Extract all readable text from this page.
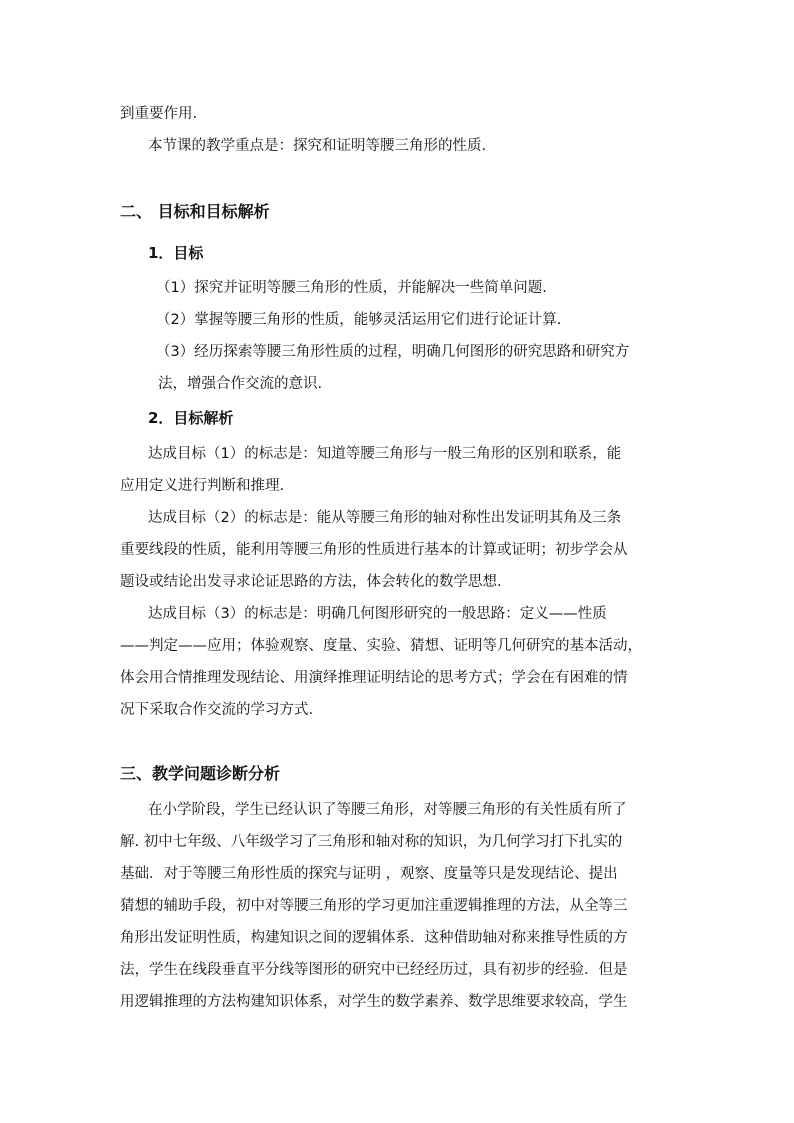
到重要作用.
本节课的教学重点是：探究和证明等腰三角形的性质.
二、 目标和目标解析
1．目标
（1）探究并证明等腰三角形的性质，并能解决一些简单问题.
（2）掌握等腰三角形的性质，能够灵活运用它们进行论证计算.
（3）经历探索等腰三角形性质的过程，明确几何图形的研究思路和研究方
法，增强合作交流的意识.
2．目标解析
达成目标（1）的标志是：知道等腰三角形与一般三角形的区别和联系，能
应用定义进行判断和推理.
达成目标（2）的标志是：能从等腰三角形的轴对称性出发证明其角及三条
重要线段的性质，能利用等腰三角形的性质进行基本的计算或证明；初步学会从
题设或结论出发寻求论证思路的方法，体会转化的数学思想.
达成目标（3）的标志是：明确几何图形研究的一般思路：定义——性质
——判定——应用；体验观察、度量、实验、猜想、证明等几何研究的基本活动，
体会用合情推理发现结论、用演绎推理证明结论的思考方式；学会在有困难的情
况下采取合作交流的学习方式.
三、教学问题诊断分析
在小学阶段，学生已经认识了等腰三角形，对等腰三角形的有关性质有所了
解. 初中七年级、八年级学习了三角形和轴对称的知识，为几何学习打下扎实的
基础．对于等腰三角形性质的探究与证明 ，观察、度量等只是发现结论、提出
猜想的辅助手段，初中对等腰三角形的学习更加注重逻辑推理的方法，从全等三
角形出发证明性质，构建知识之间的逻辑体系．这种借助轴对称来推导性质的方
法，学生在线段垂直平分线等图形的研究中已经经历过，具有初步的经验．但是
用逻辑推理的方法构建知识体系，对学生的数学素养、数学思维要求较高，学生
